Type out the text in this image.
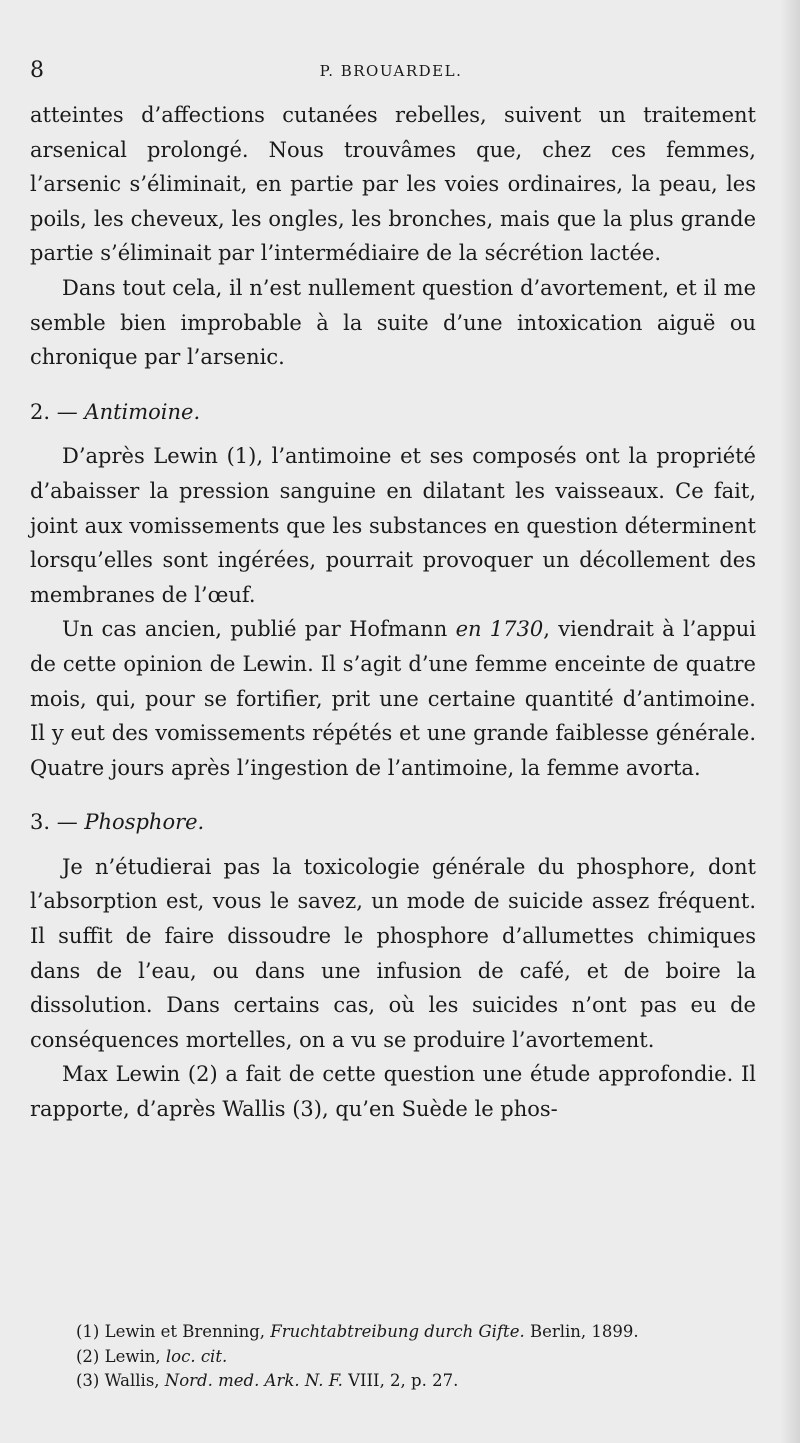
8	P. BROUARDEL.

atteintes d’affections cutanées rebelles, suivent un traitement arsenical prolongé. Nous trouvâmes que, chez ces femmes, l’arsenic s’éliminait, en partie par les voies ordinaires, la peau, les poils, les cheveux, les ongles, les bronches, mais que la plus grande partie s’éliminait par l’intermédiaire de la sécrétion lactée.

Dans tout cela, il n’est nullement question d’avortement, et il me semble bien improbable à la suite d’une intoxication aiguë ou chronique par l’arsenic.

2. — Antimoine.

D’après Lewin (1), l’antimoine et ses composés ont la propriété d’abaisser la pression sanguine en dilatant les vaisseaux. Ce fait, joint aux vomissements que les substances en question déterminent lorsqu’elles sont ingérées, pourrait provoquer un décollement des membranes de l’œuf.

Un cas ancien, publié par Hofmann en 1730, viendrait à l’appui de cette opinion de Lewin. Il s’agit d’une femme enceinte de quatre mois, qui, pour se fortifier, prit une certaine quantité d’antimoine. Il y eut des vomissements répétés et une grande faiblesse générale. Quatre jours après l’ingestion de l’antimoine, la femme avorta.

3. — Phosphore.

Je n’étudierai pas la toxicologie générale du phosphore, dont l’absorption est, vous le savez, un mode de suicide assez fréquent. Il suffit de faire dissoudre le phosphore d’allumettes chimiques dans de l’eau, ou dans une infusion de café, et de boire la dissolution. Dans certains cas, où les suicides n’ont pas eu de conséquences mortelles, on a vu se produire l’avortement.

Max Lewin (2) a fait de cette question une étude approfondie. Il rapporte, d’après Wallis (3), qu’en Suède le phos-

(1) Lewin et Brenning, Fruchtabtreibung durch Gifte. Berlin, 1899.
(2) Lewin, loc. cit.
(3) Wallis, Nord. med. Ark. N. F. VIII, 2, p. 27.
